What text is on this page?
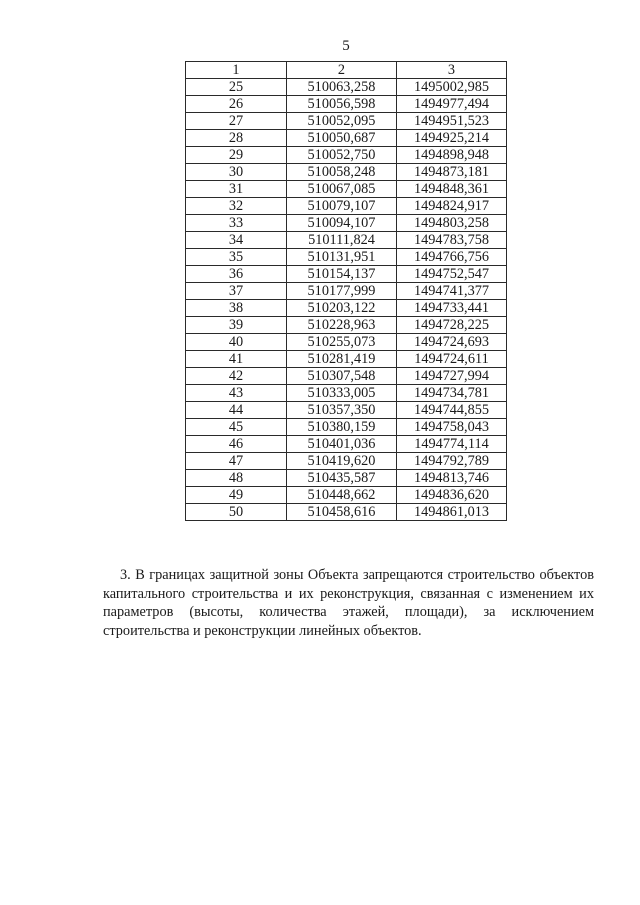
5
1	2	3
25	510063,258	1495002,985
26	510056,598	1494977,494
27	510052,095	1494951,523
28	510050,687	1494925,214
29	510052,750	1494898,948
30	510058,248	1494873,181
31	510067,085	1494848,361
32	510079,107	1494824,917
33	510094,107	1494803,258
34	510111,824	1494783,758
35	510131,951	1494766,756
36	510154,137	1494752,547
37	510177,999	1494741,377
38	510203,122	1494733,441
39	510228,963	1494728,225
40	510255,073	1494724,693
41	510281,419	1494724,611
42	510307,548	1494727,994
43	510333,005	1494734,781
44	510357,350	1494744,855
45	510380,159	1494758,043
46	510401,036	1494774,114
47	510419,620	1494792,789
48	510435,587	1494813,746
49	510448,662	1494836,620
50	510458,616	1494861,013

3. В границах защитной зоны Объекта запрещаются строительство объектов капитального строительства и их реконструкция, связанная с изменением их параметров (высоты, количества этажей, площади), за исключением строительства и реконструкции линейных объектов.
